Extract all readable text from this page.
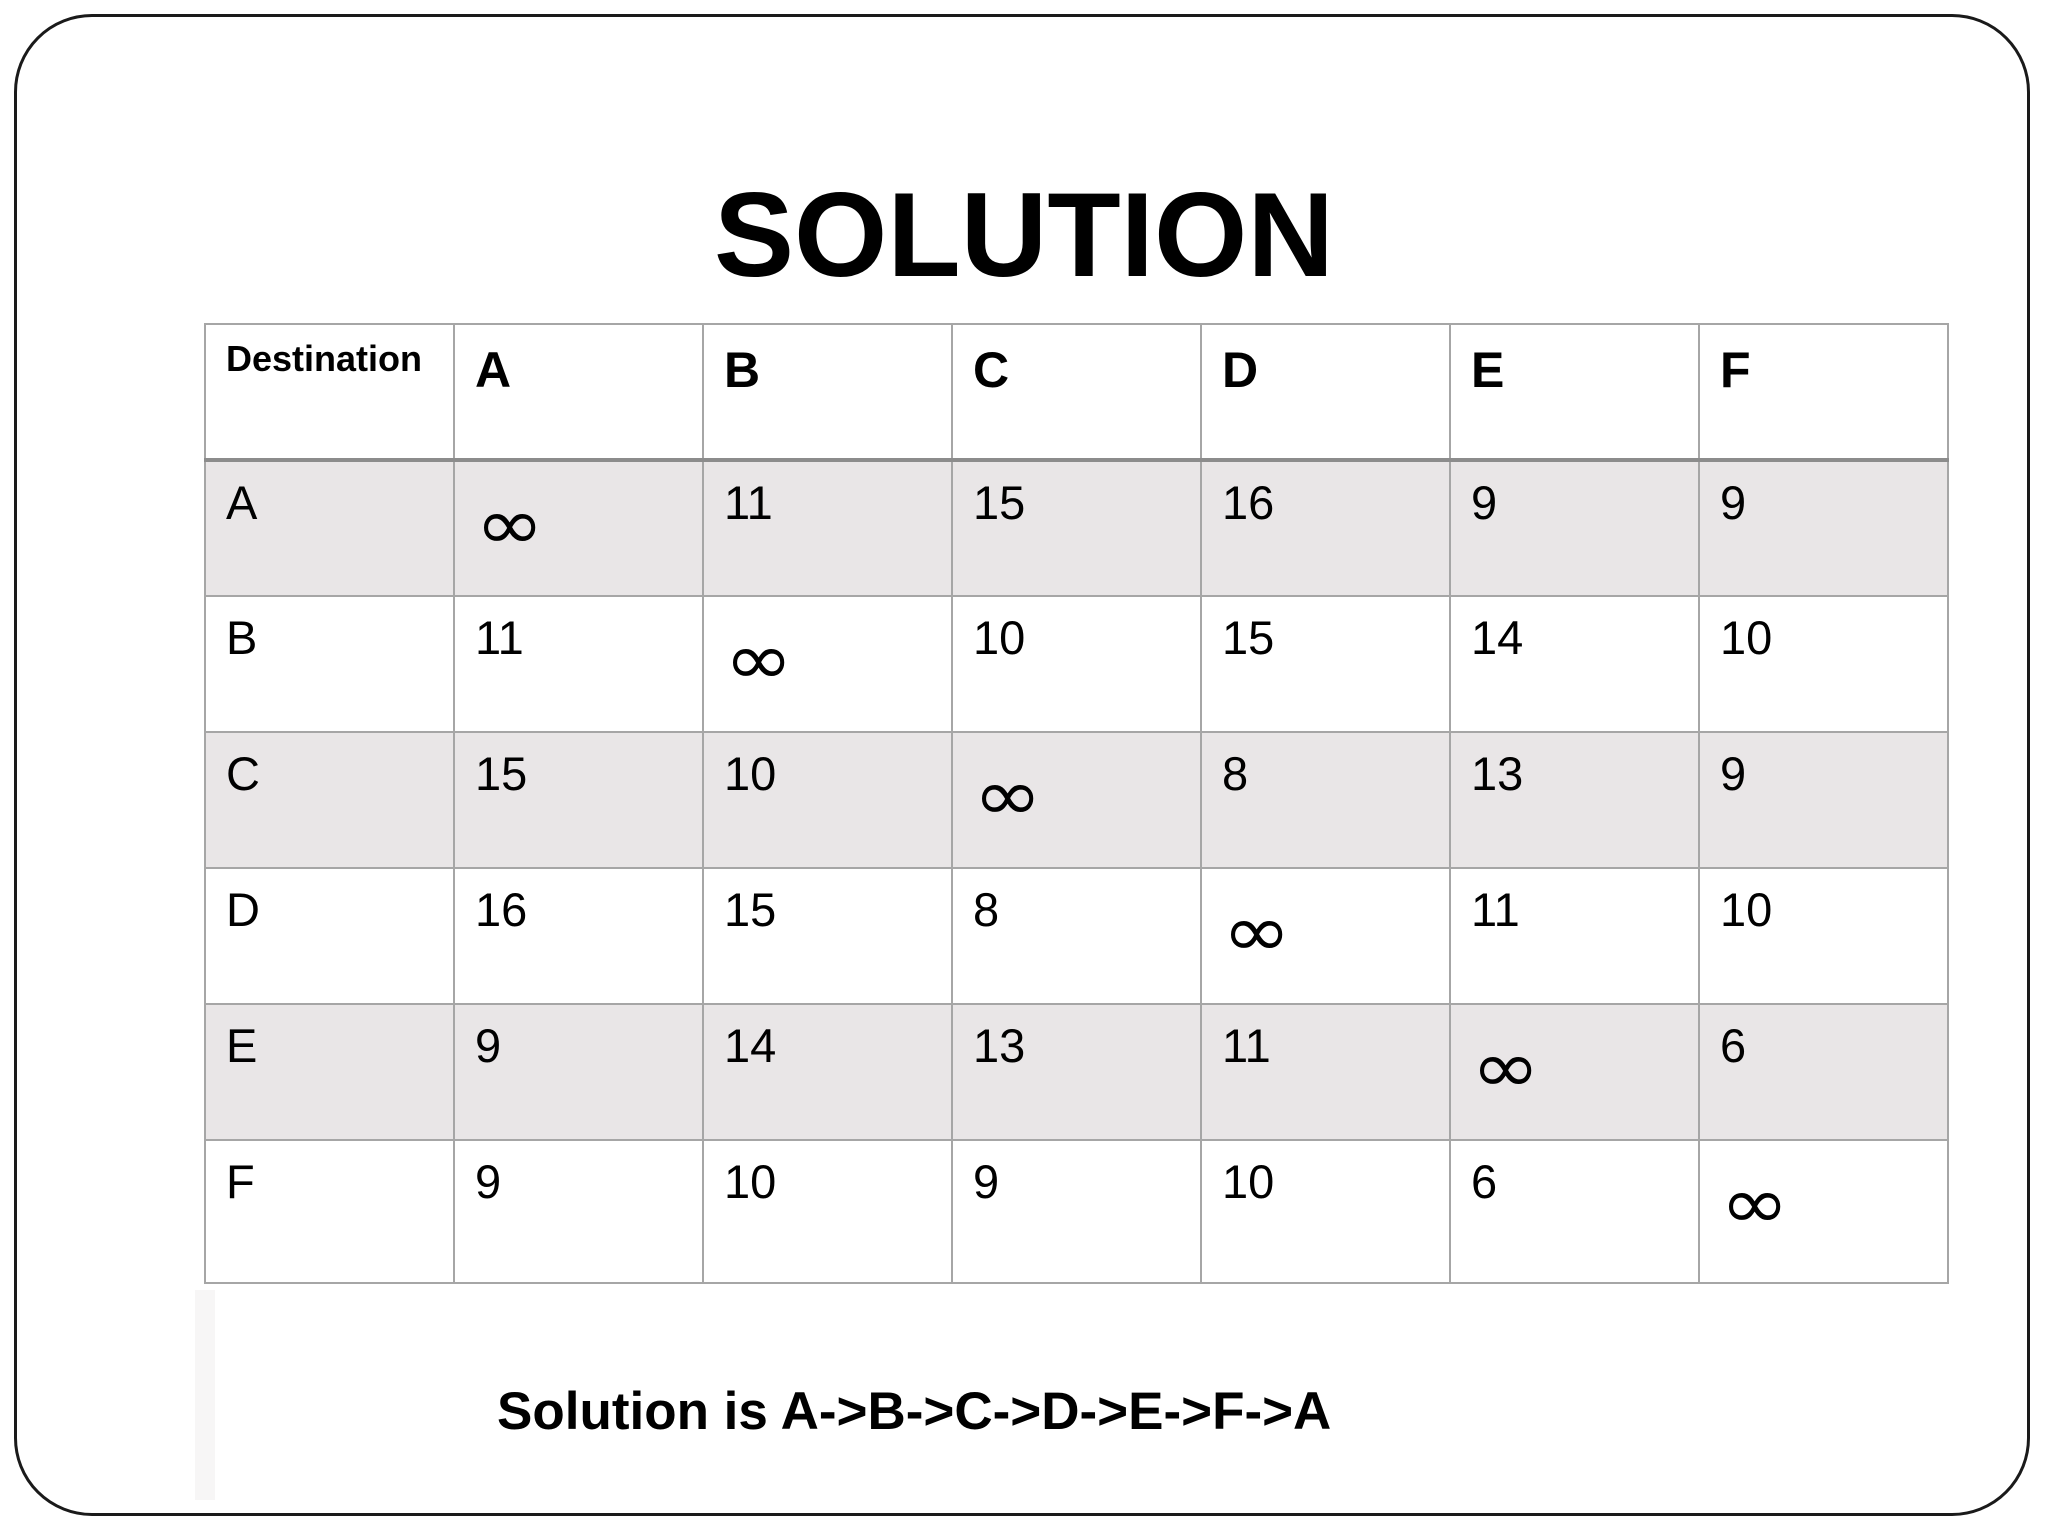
SOLUTION
Destination	A	B	C	D	E	F
A	∞	11	15	16	9	9
B	11	∞	10	15	14	10
C	15	10	∞	8	13	9
D	16	15	8	∞	11	10
E	9	14	13	11	∞	6
F	9	10	9	10	6	∞

Solution is A->B->C->D->E->F->A
